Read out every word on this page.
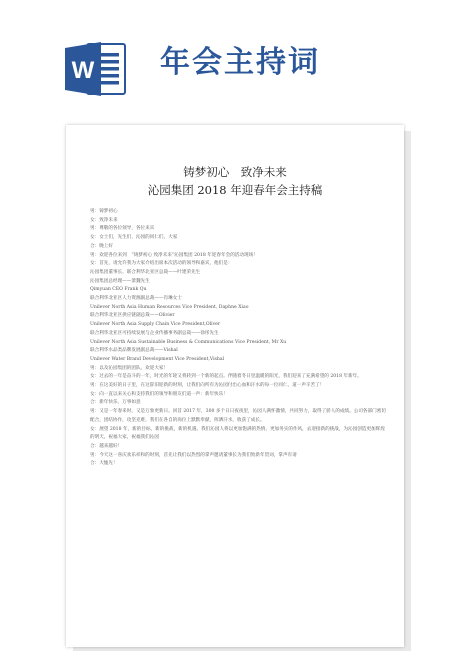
W 年会主持词
铸梦初心　致净未来
沁园集团 2018 年迎春年会主持稿
男：铸梦初心
女：致净未来
男：尊敬的各位领导，各位来宾
女：女士们，先生们，沁园的同仁们，大家
合：晚上好
男：欢迎各位来到　“铸梦初心 致净未来”沁园集团 2018 年迎春年会的活动现场！
女：首先，请允许我为大家介绍出席本次活动的领导和嘉宾，他们是：
沁园集团董事长、联合利华北亚区总裁——叶建荣先生
沁园集团总经理——萧魏先生
Qimyuan CEO Frank Qu
联合利华北亚区人力资源副总裁——肖琳女士
Unilever North Asia Human Resources Vice President, Daphne Xiao
联合利华北亚区供应链副总裁——Olivier
Unilever North Asia Supply Chain Vice President,Oliver
联合利华北亚区可持续发展与企业传播事务副总裁——徐彤先生
Unilever North Asia Sustainable Business & Communications Vice President, Mr Xu
联合利华水品类品牌发展副总裁——Vishal
Unilever Water Brand Development Vice President,Vishal
男：以及沁园集团的团队，欢迎大家！
女：过去的一年是奋斗的一年，时光的年轮又将转到一个新的起点。伴随着冬日里温暖的阳光，我们迎来了充满希望的 2018 年新年。
男：在这美好的日子里，在这辞旧迎新的时刻，让我们向所有为沁园付出心血和汗水的每一位同仁，道一声辛苦了！
女：向一直以来关心和支持我们的领导和朋友们道一声：新年快乐！
合：新年快乐，万事如意
男：又是一年春来时，又是万象更新日。回首 2017 年，300 多个日日夜夜里，沁园人满怀激情，共同努力，取得了骄人的成绩。公司各部门密切配合，团结协作，攻坚克难，我们在各自的岗位上默默奉献，挥洒汗水，收获了成长。
女：展望 2018 年，新的目标，新的挑战，新的机遇。我们沁园人将以更加饱满的热情，更加务实的作风，去迎接新的挑战，为沁园创造更加辉煌的明天。祝福大家，祝福我们沁园
合：越来越好！
男：今天这一喜庆欢乐祥和的时刻，首先让我们以热烈的掌声邀请董事长为我们致新年贺词，掌声有请
合：大恤先！
